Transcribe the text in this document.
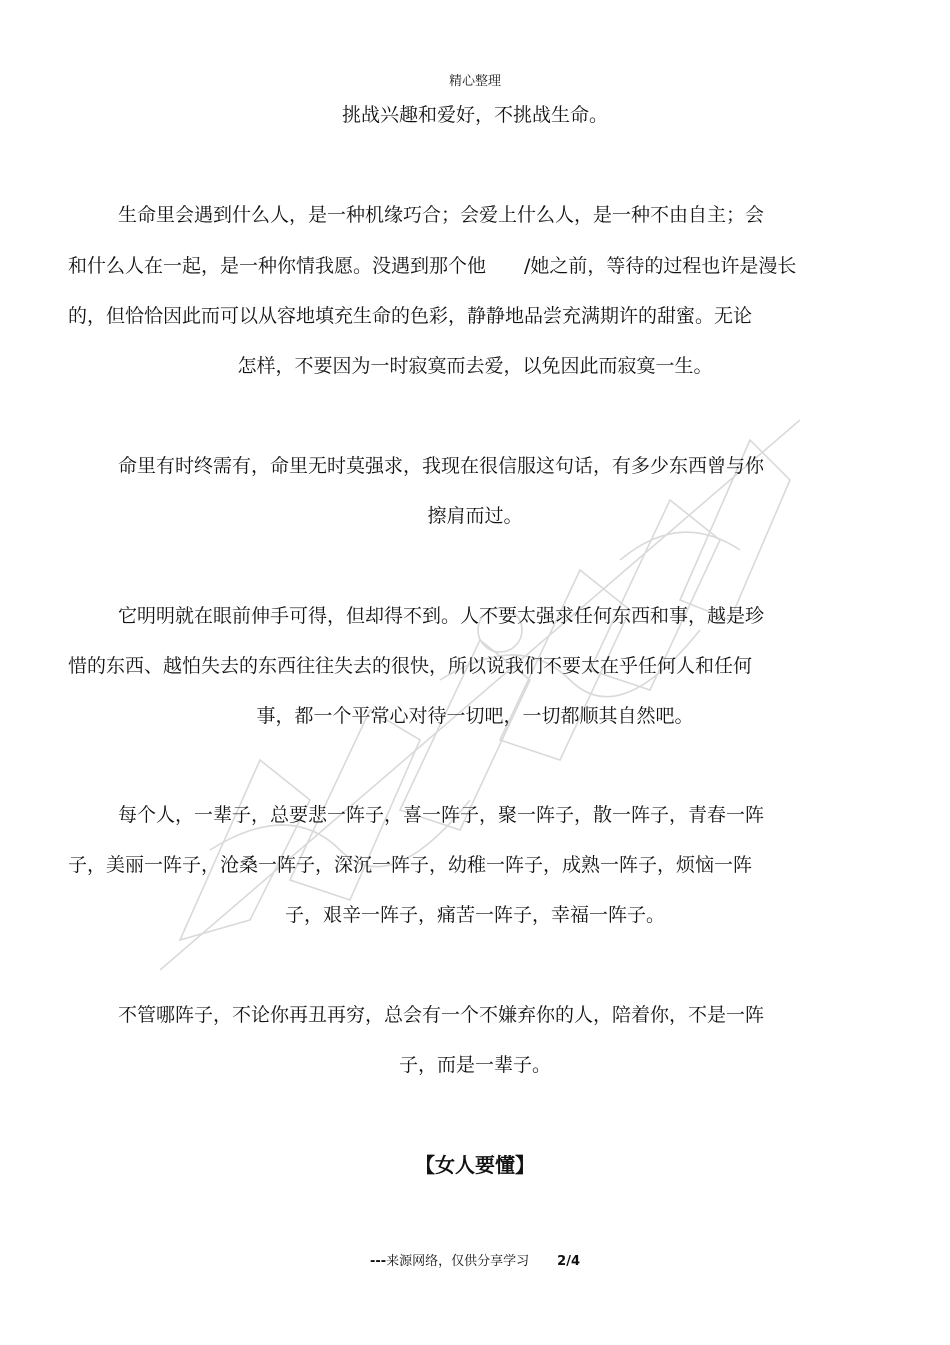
精心整理
挑战兴趣和爱好，不挑战生命。
生命里会遇到什么人，是一种机缘巧合；会爱上什么人，是一种不由自主；会
和什么人在一起，是一种你情我愿。没遇到那个他　　/她之前，等待的过程也许是漫长
的，但恰恰因此而可以从容地填充生命的色彩，静静地品尝充满期许的甜蜜。无论
怎样，不要因为一时寂寞而去爱，以免因此而寂寞一生。
命里有时终需有，命里无时莫强求，我现在很信服这句话，有多少东西曾与你
擦肩而过。
它明明就在眼前伸手可得，但却得不到。人不要太强求任何东西和事，越是珍
惜的东西、越怕失去的东西往往失去的很快，所以说我们不要太在乎任何人和任何
事，都一个平常心对待一切吧，一切都顺其自然吧。
每个人，一辈子，总要悲一阵子，喜一阵子，聚一阵子，散一阵子，青春一阵
子，美丽一阵子，沧桑一阵子，深沉一阵子，幼稚一阵子，成熟一阵子，烦恼一阵
子，艰辛一阵子，痛苦一阵子，幸福一阵子。
不管哪阵子，不论你再丑再穷，总会有一个不嫌弃你的人，陪着你，不是一阵
子，而是一辈子。
【女人要懂】
---来源网络，仅供分享学习 2/4
